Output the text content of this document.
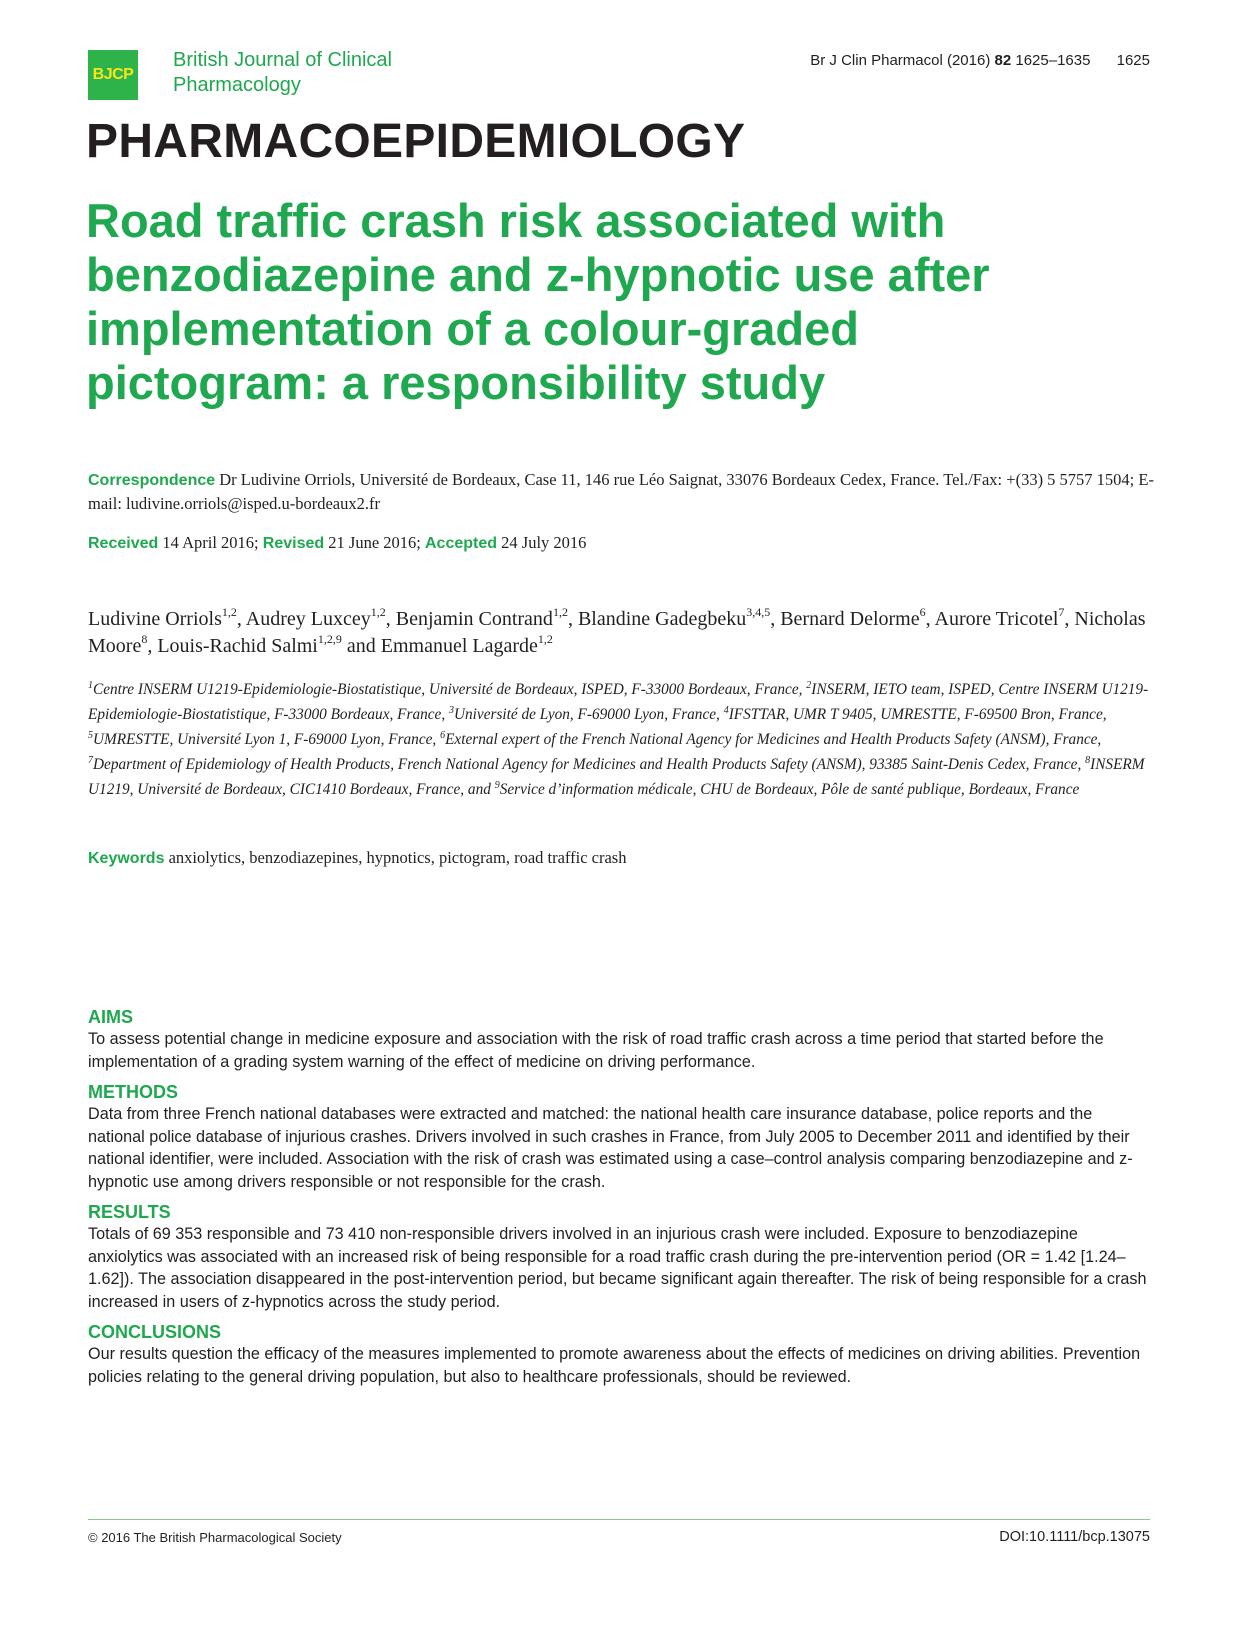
BJCP
British Journal of Clinical
Pharmacology
Br J Clin Pharmacol (2016) 82 1625–1635 1625
PHARMACOEPIDEMIOLOGY
Road traffic crash risk associated with
benzodiazepine and z-hypnotic use after
implementation of a colour-graded
pictogram: a responsibility study
Correspondence Dr Ludivine Orriols, Université de Bordeaux, Case 11, 146 rue Léo Saignat, 33076 Bordeaux Cedex, France. Tel./Fax: +(33) 5 5757 1504; E-mail: ludivine.orriols@isped.u-bordeaux2.fr
Received 14 April 2016; Revised 21 June 2016; Accepted 24 July 2016
Ludivine Orriols$^{1,2}$, Audrey Luxcey$^{1,2}$, Benjamin Contrand$^{1,2}$, Blandine Gadegbeku$^{3,4,5}$, Bernard Delorme$^6$, Aurore Tricotel$^7$, Nicholas Moore$^8$, Louis-Rachid Salmi$^{1,2,9}$ and Emmanuel Lagarde$^{1,2}$
$^1$Centre INSERM U1219-Epidemiologie-Biostatistique, Université de Bordeaux, ISPED, F-33000 Bordeaux, France, $^2$INSERM, IETO team, ISPED, Centre INSERM U1219-Epidemiologie-Biostatistique, F-33000 Bordeaux, France, $^3$Université de Lyon, F-69000 Lyon, France, $^4$IFSTTAR, UMR T 9405, UMRESTTE, F-69500 Bron, France, $^5$UMRESTTE, Université Lyon 1, F-69000 Lyon, France, $^6$External expert of the French National Agency for Medicines and Health Products Safety (ANSM), France, $^7$Department of Epidemiology of Health Products, French National Agency for Medicines and Health Products Safety (ANSM), 93385 Saint-Denis Cedex, France, $^8$INSERM U1219, Université de Bordeaux, CIC1410 Bordeaux, France, and $^9$Service d’information médicale, CHU de Bordeaux, Pôle de santé publique, Bordeaux, France
Keywords anxiolytics, benzodiazepines, hypnotics, pictogram, road traffic crash
AIMS

To assess potential change in medicine exposure and association with the risk of road traffic crash across a time period that started before the implementation of a grading system warning of the effect of medicine on driving performance.

METHODS

Data from three French national databases were extracted and matched: the national health care insurance database, police reports and the national police database of injurious crashes. Drivers involved in such crashes in France, from July 2005 to December 2011 and identified by their national identifier, were included. Association with the risk of crash was estimated using a case–control analysis comparing benzodiazepine and z-hypnotic use among drivers responsible or not responsible for the crash.

RESULTS

Totals of 69 353 responsible and 73 410 non-responsible drivers involved in an injurious crash were included. Exposure to benzodiazepine anxiolytics was associated with an increased risk of being responsible for a road traffic crash during the pre-intervention period (OR = 1.42 [1.24–1.62]). The association disappeared in the post-intervention period, but became significant again thereafter. The risk of being responsible for a crash increased in users of z-hypnotics across the study period.

CONCLUSIONS

Our results question the efficacy of the measures implemented to promote awareness about the effects of medicines on driving abilities. Prevention policies relating to the general driving population, but also to healthcare professionals, should be reviewed.

© 2016 The British Pharmacological Society	DOI:10.1111/bcp.13075
